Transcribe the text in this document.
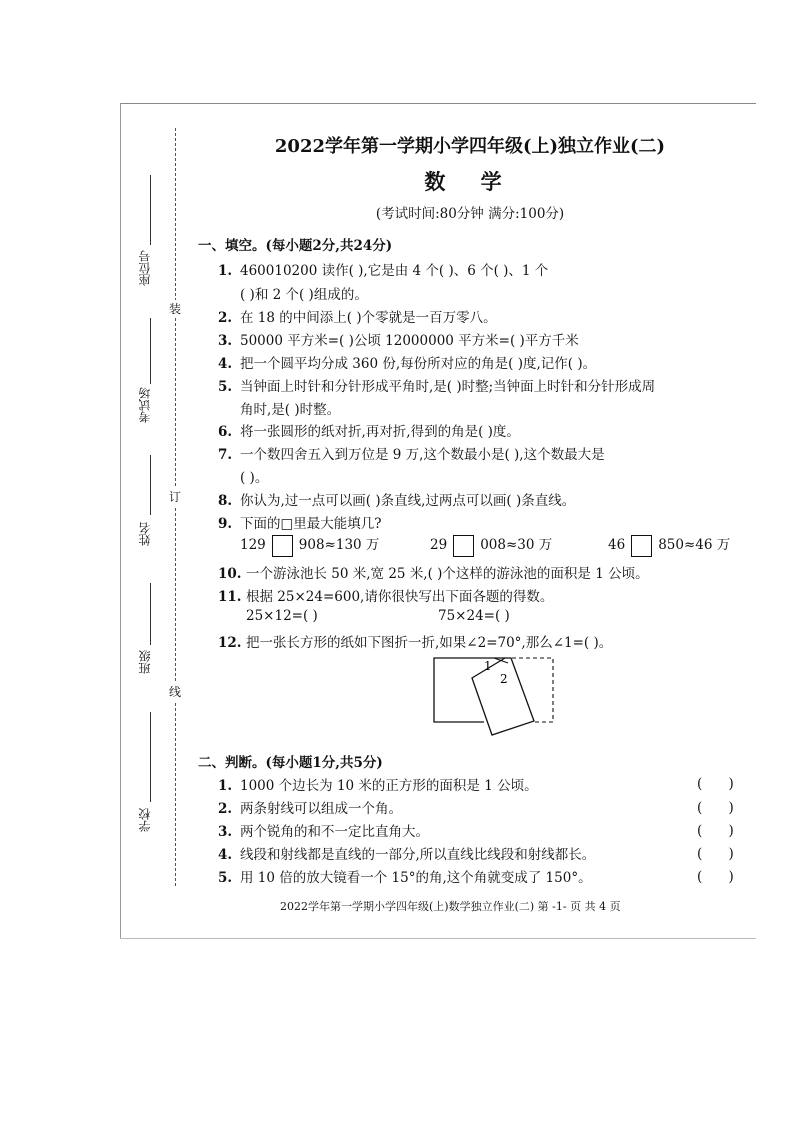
座位号
考试场
姓名
班级
学校
装
订
线
2022学年第一学期小学四年级(上)独立作业(二)
数 学
(考试时间:80分钟 满分:100分)
一、填空。(每小题2分,共24分)
1. 460010200 读作( ),它是由 4 个( )、6 个( )、1 个
( )和 2 个( )组成的。
2. 在 18 的中间添上( )个零就是一百万零八。
3. 50000 平方米=( )公顷 12000000 平方米=( )平方千米
4. 把一个圆平均分成 360 份,每份所对应的角是( )度,记作( )。
5. 当钟面上时针和分针形成平角时,是( )时整;当钟面上时针和分针形成周
角时,是( )时整。
6. 将一张圆形的纸对折,再对折,得到的角是( )度。
7. 一个数四舍五入到万位是 9 万,这个数最小是( ),这个数最大是
( )。
8. 你认为,过一点可以画( )条直线,过两点可以画( )条直线。
9. 下面的□里最大能填几?
129 908≈130 万	29 008≈30 万	46 850≈46 万
10. 一个游泳池长 50 米,宽 25 米,( )个这样的游泳池的面积是 1 公顷。
11. 根据 25×24=600,请你很快写出下面各题的得数。
25×12=( )	75×24=( )
12. 把一张长方形的纸如下图折一折,如果∠2=70°,那么∠1=( )。
1
2
二、判断。(每小题1分,共5分)
1. 1000 个边长为 10 米的正方形的面积是 1 公顷。	( )
2. 两条射线可以组成一个角。	( )
3. 两个锐角的和不一定比直角大。	( )
4. 线段和射线都是直线的一部分,所以直线比线段和射线都长。	( )
5. 用 10 倍的放大镜看一个 15°的角,这个角就变成了 150°。	( )
2022学年第一学期小学四年级(上)数学独立作业(二) 第 -1- 页 共 4 页
